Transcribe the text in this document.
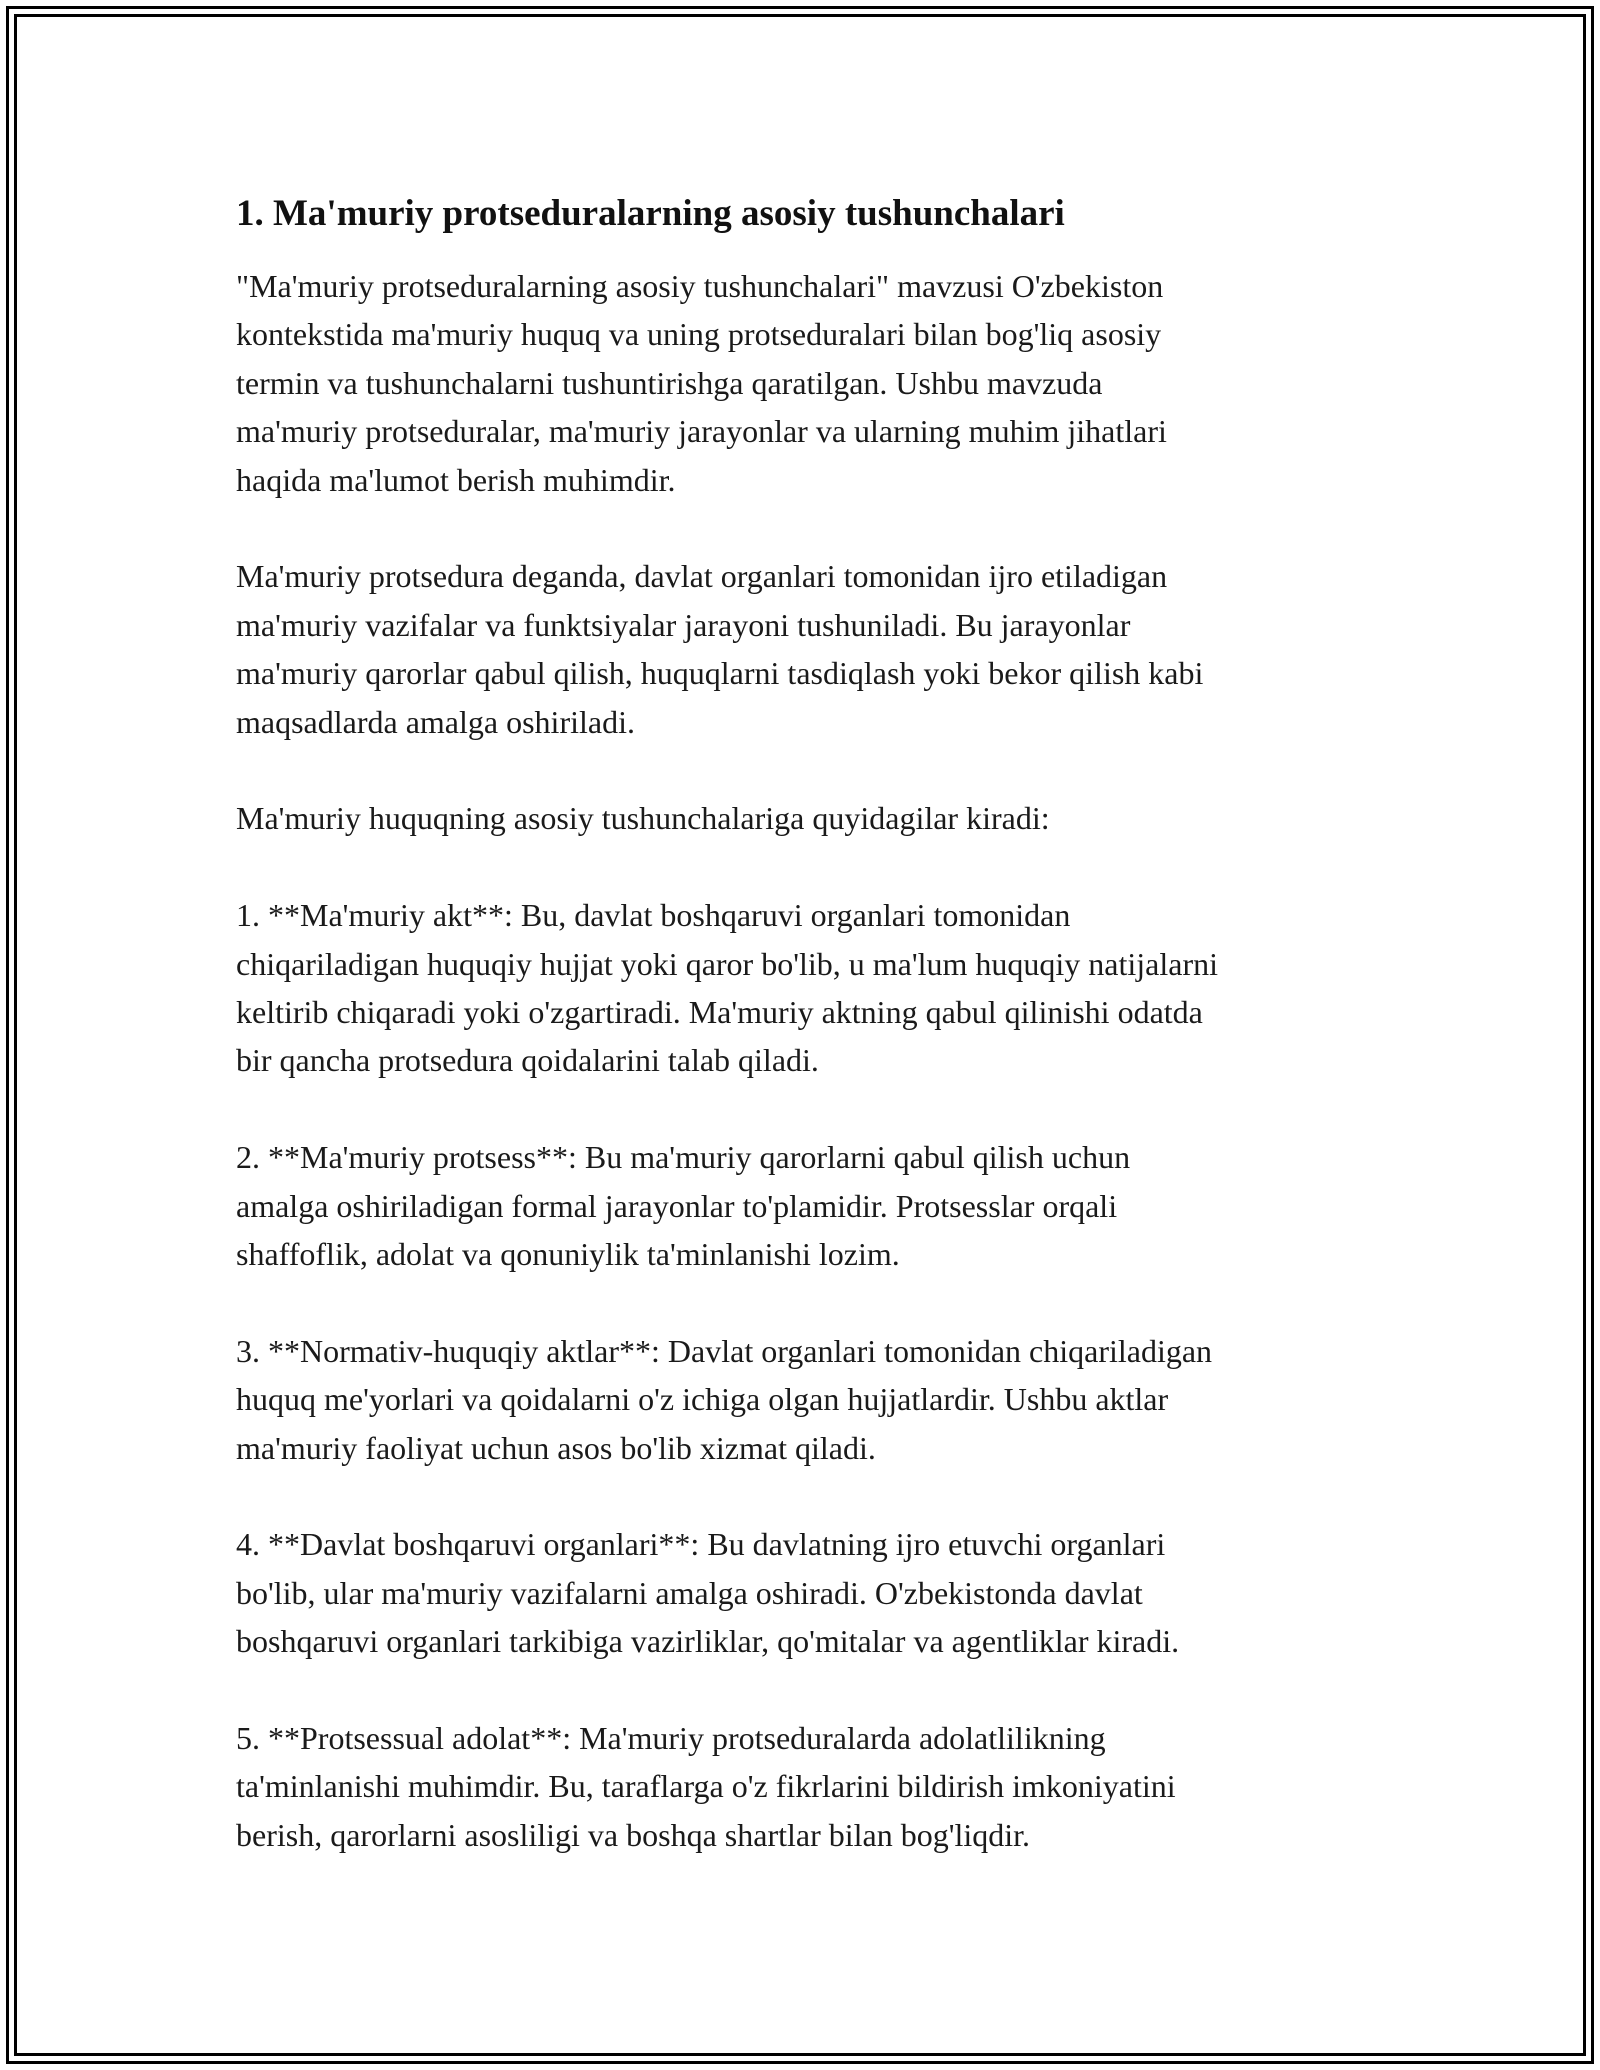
1. Ma'muriy protseduralarning asosiy tushunchalari

"Ma'muriy protseduralarning asosiy tushunchalari" mavzusi O'zbekiston
kontekstida ma'muriy huquq va uning protseduralari bilan bog'liq asosiy
termin va tushunchalarni tushuntirishga qaratilgan. Ushbu mavzuda
ma'muriy protseduralar, ma'muriy jarayonlar va ularning muhim jihatlari
haqida ma'lumot berish muhimdir.

Ma'muriy protsedura deganda, davlat organlari tomonidan ijro etiladigan
ma'muriy vazifalar va funktsiyalar jarayoni tushuniladi. Bu jarayonlar
ma'muriy qarorlar qabul qilish, huquqlarni tasdiqlash yoki bekor qilish kabi
maqsadlarda amalga oshiriladi.

Ma'muriy huquqning asosiy tushunchalariga quyidagilar kiradi:

1. **Ma'muriy akt**: Bu, davlat boshqaruvi organlari tomonidan
chiqariladigan huquqiy hujjat yoki qaror bo'lib, u ma'lum huquqiy natijalarni
keltirib chiqaradi yoki o'zgartiradi. Ma'muriy aktning qabul qilinishi odatda
bir qancha protsedura qoidalarini talab qiladi.

2. **Ma'muriy protsess**: Bu ma'muriy qarorlarni qabul qilish uchun
amalga oshiriladigan formal jarayonlar to'plamidir. Protsesslar orqali
shaffoflik, adolat va qonuniylik ta'minlanishi lozim.

3. **Normativ-huquqiy aktlar**: Davlat organlari tomonidan chiqariladigan
huquq me'yorlari va qoidalarni o'z ichiga olgan hujjatlardir. Ushbu aktlar
ma'muriy faoliyat uchun asos bo'lib xizmat qiladi.

4. **Davlat boshqaruvi organlari**: Bu davlatning ijro etuvchi organlari
bo'lib, ular ma'muriy vazifalarni amalga oshiradi. O'zbekistonda davlat
boshqaruvi organlari tarkibiga vazirliklar, qo'mitalar va agentliklar kiradi.

5. **Protsessual adolat**: Ma'muriy protseduralarda adolatlilikning
ta'minlanishi muhimdir. Bu, taraflarga o'z fikrlarini bildirish imkoniyatini
berish, qarorlarni asosliligi va boshqa shartlar bilan bog'liqdir.
